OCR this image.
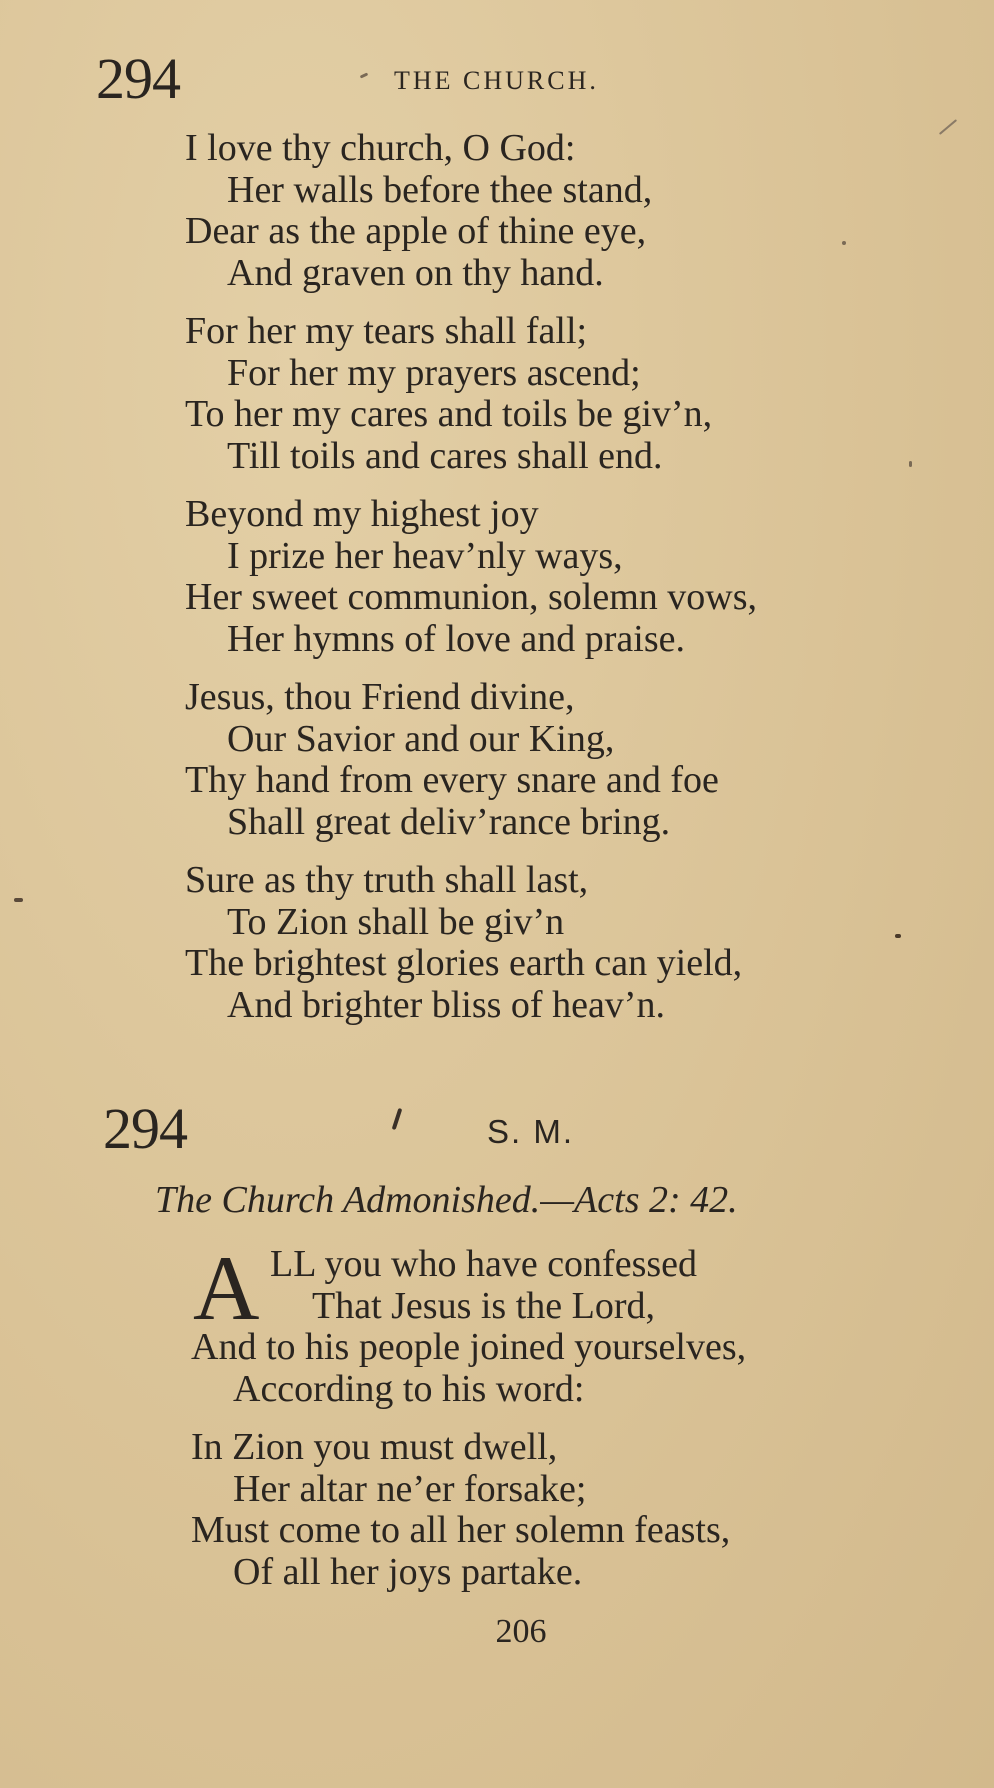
294	THE CHURCH.
I love thy church, O God:
Her walls before thee stand,
Dear as the apple of thine eye,
And graven on thy hand.
For her my tears shall fall;
For her my prayers ascend;
To her my cares and toils be giv’n,
Till toils and cares shall end.
Beyond my highest joy
I prize her heav’nly ways,
Her sweet communion, solemn vows,
Her hymns of love and praise.
Jesus, thou Friend divine,
Our Savior and our King,
Thy hand from every snare and foe
Shall great deliv’rance bring.
Sure as thy truth shall last,
To Zion shall be giv’n
The brightest glories earth can yield,
And brighter bliss of heav’n.
294	S. M.
The Church Admonished.—Acts 2: 42.
A LL you who have confessed
That Jesus is the Lord,
And to his people joined yourselves,
According to his word:
In Zion you must dwell,
Her altar ne’er forsake;
Must come to all her solemn feasts,
Of all her joys partake.
206
